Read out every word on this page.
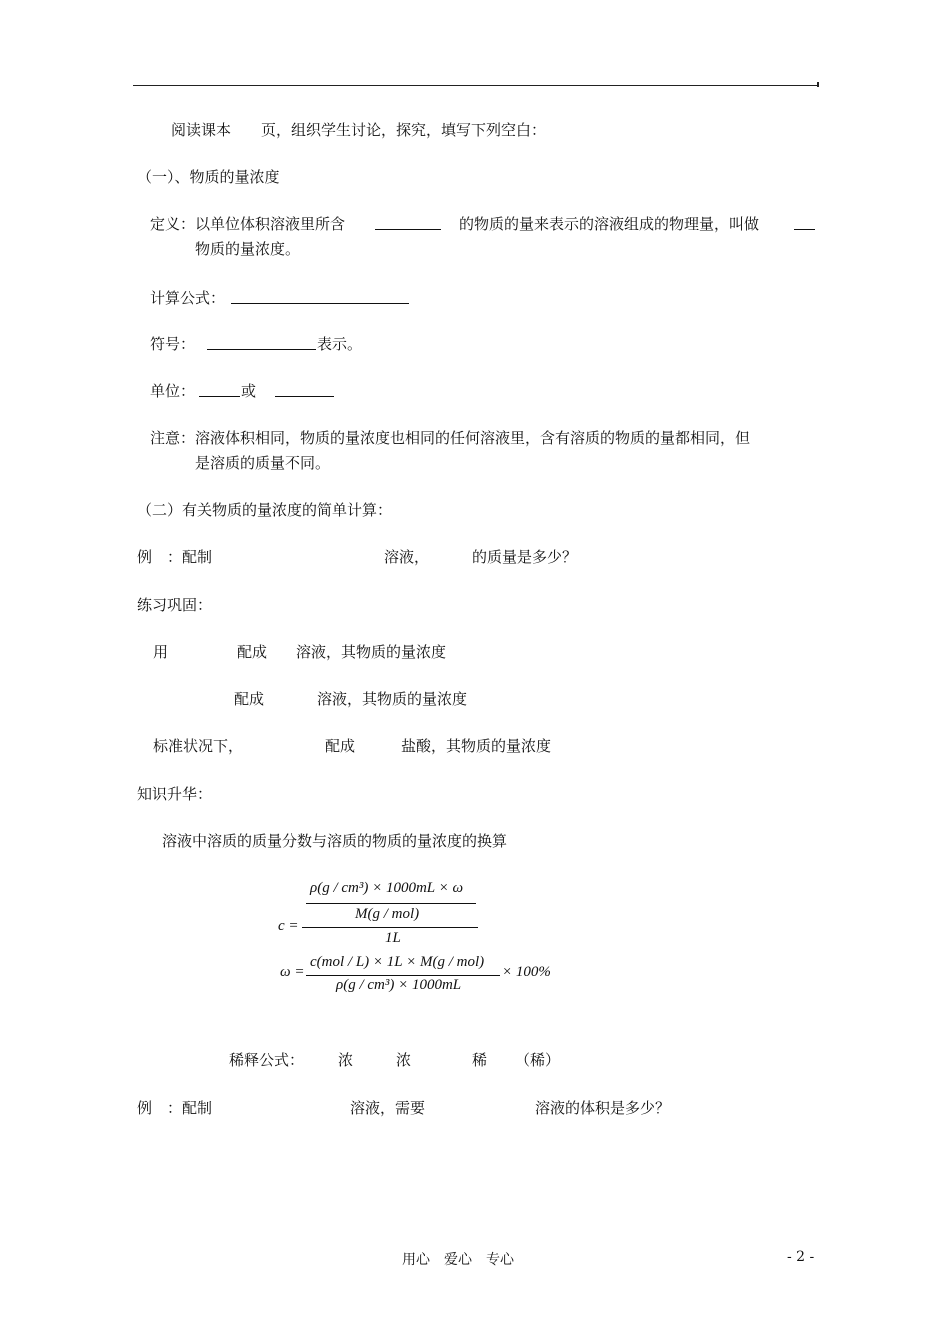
阅读课本　　页，组织学生讨论，探究，填写下列空白：
（一）、物质的量浓度
定义：以单位体积溶液里所含	的物质的量来表示的溶液组成的物理量，叫做
物质的量浓度。
计算公式：
符号：	表示。
单位：	或
注意：溶液体积相同，物质的量浓度也相同的任何溶液里，含有溶质的物质的量都相同，但
是溶质的质量不同。
（二）有关物质的量浓度的简单计算：
例　：配制	溶液，	的质量是多少？
练习巩固：
用	配成 溶液，其物质的量浓度
配成	溶液，其物质的量浓度
标准状况下，	配成	盐酸，其物质的量浓度
知识升华：
溶液中溶质的质量分数与溶质的物质的量浓度的换算
ρ(g / cm³) × 1000mL × ω
M(g / mol)
c =
1L
c(mol / L) × 1L × M(g / mol)
ω =	× 100%
ρ(g / cm³) × 1000mL
稀释公式： 浓	浓	稀 （稀）
例　：配制	溶液，需要	溶液的体积是多少？
用心　爱心　专心	- 2 -
